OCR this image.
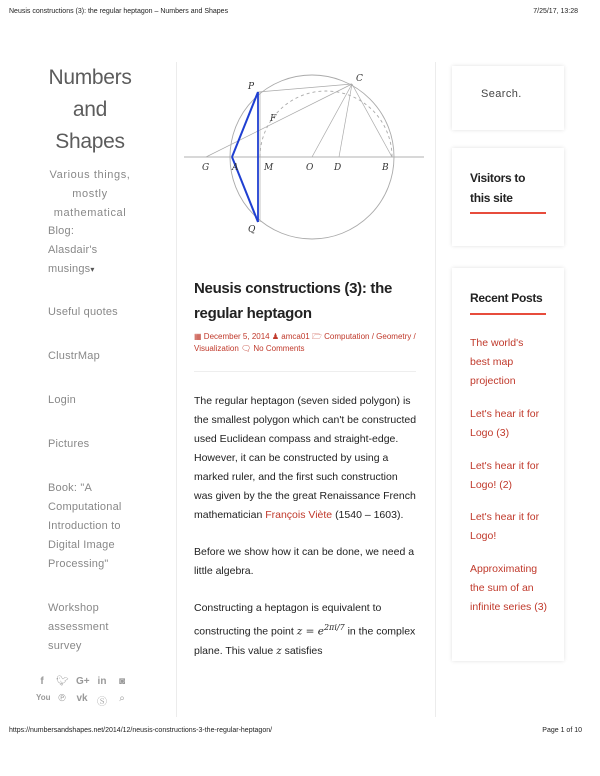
Neusis constructions (3): the regular heptagon – Numbers and Shapes	7/25/17, 13:28
Numbers and Shapes
Various things, mostly mathematical
Blog: Alasdair's musings▾
Useful quotes
ClustrMap
Login
Pictures
Book: "A Computational Introduction to Digital Image Processing"
Workshop assessment survey
f	🐦︎ G+ in ◙
You ℗ vk Ⓢ	⌕
P
C
F
G	A	M	O D	B
Q
Neusis constructions (3): the regular heptagon
▦ December 5, 2014 ♟ amca01 🗁︎ Computation / Geometry / Visualization 🗨︎ No Comments

The regular heptagon (seven sided polygon) is the smallest polygon which can't be constructed used Euclidean compass and straight-edge. However, it can be constructed by using a marked ruler, and the first such construction was given by the the great Renaissance French mathematician François Viète (1540 – 1603).

Before we show how it can be done, we need a little algebra.

Constructing a heptagon is equivalent to constructing the point $z = e^{2\pi i/7}$ in the complex plane. This value z satisfies

Search.
Visitors to this site
Recent Posts
The world's best map projection
Let's hear it for Logo (3)
Let's hear it for Logo! (2)
Let's hear it for Logo!
Approximating the sum of an infinite series (3)
https://numbersandshapes.net/2014/12/neusis-constructions-3-the-regular-heptagon/	Page 1 of 10
